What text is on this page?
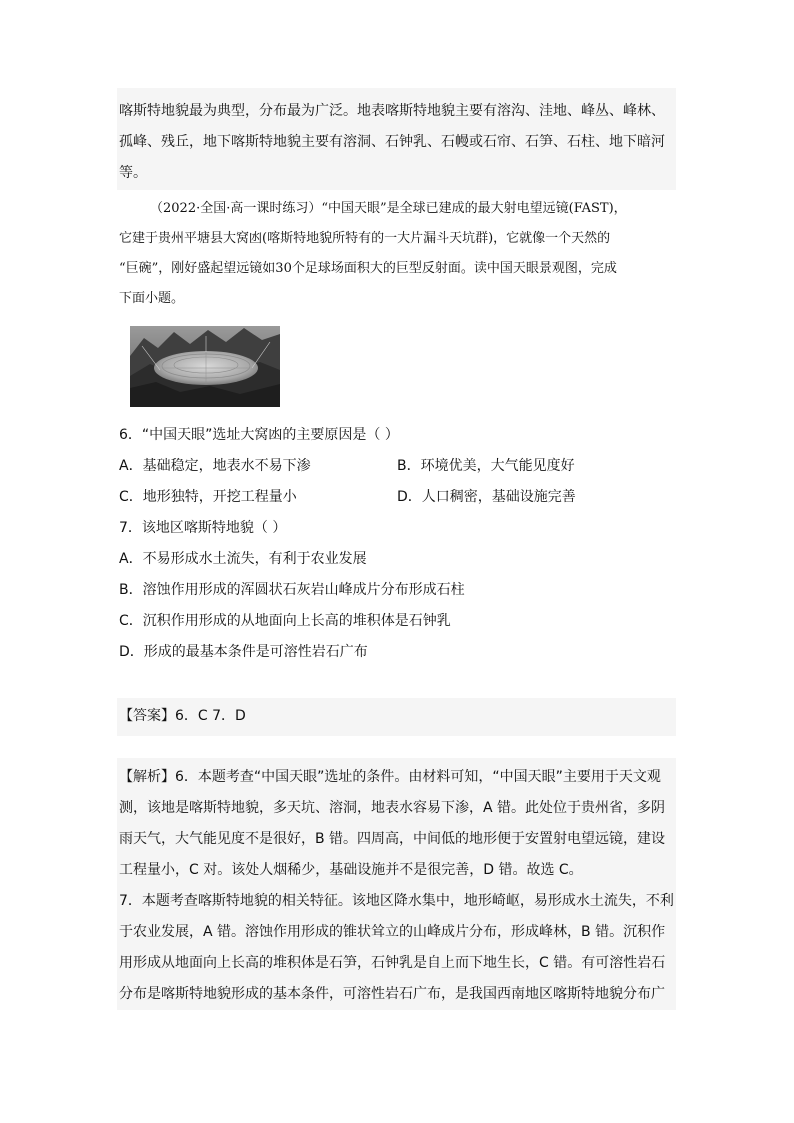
喀斯特地貌最为典型，分布最为广泛。地表喀斯特地貌主要有溶沟、洼地、峰丛、峰林、
孤峰、残丘，地下喀斯特地貌主要有溶洞、石钟乳、石幔或石帘、石笋、石柱、地下暗河
等。
（2022·全国·高一课时练习）“中国天眼”是全球已建成的最大射电望远镜(FAST)，
它建于贵州平塘县大窝凼(喀斯特地貌所特有的一大片漏斗天坑群)，它就像一个天然的
“巨碗”，刚好盛起望远镜如30个足球场面积大的巨型反射面。读中国天眼景观图，完成
下面小题。
6．“中国天眼”选址大窝凼的主要原因是（ ）
A．基础稳定，地表水不易下渗	B．环境优美，大气能见度好
C．地形独特，开挖工程量小	D．人口稠密，基础设施完善
7．该地区喀斯特地貌（ ）
A．不易形成水土流失，有利于农业发展
B．溶蚀作用形成的浑圆状石灰岩山峰成片分布形成石柱
C．沉积作用形成的从地面向上长高的堆积体是石钟乳
D．形成的最基本条件是可溶性岩石广布
【答案】6．C 7．D
【解析】6．本题考查“中国天眼”选址的条件。由材料可知，“中国天眼”主要用于天文观
测，该地是喀斯特地貌，多天坑、溶洞，地表水容易下渗，A 错。此处位于贵州省，多阴
雨天气，大气能见度不是很好，B 错。四周高，中间低的地形便于安置射电望远镜，建设
工程量小，C 对。该处人烟稀少，基础设施并不是很完善，D 错。故选 C。
7．本题考查喀斯特地貌的相关特征。该地区降水集中，地形崎岖，易形成水土流失，不利
于农业发展，A 错。溶蚀作用形成的锥状耸立的山峰成片分布，形成峰林，B 错。沉积作
用形成从地面向上长高的堆积体是石笋，石钟乳是自上而下地生长，C 错。有可溶性岩石
分布是喀斯特地貌形成的基本条件，可溶性岩石广布，是我国西南地区喀斯特地貌分布广
